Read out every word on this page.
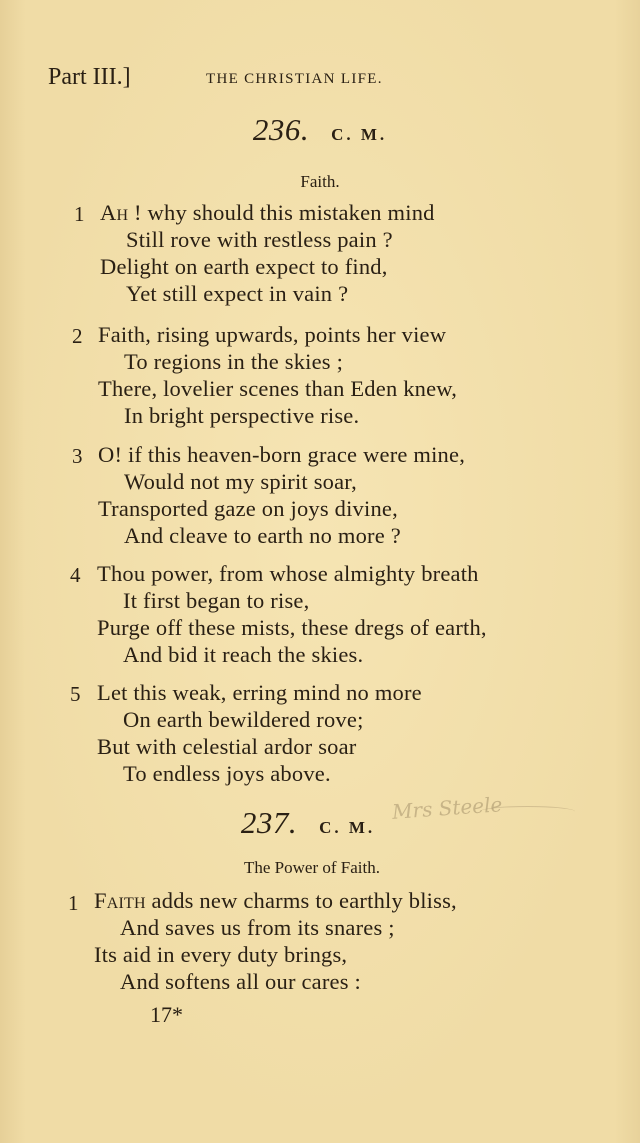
Part III.]	THE CHRISTIAN LIFE.
236. C. M.
Faith.
1 Ah ! why should this mistaken mind
Still rove with restless pain ?
Delight on earth expect to find,
Yet still expect in vain ?
2 Faith, rising upwards, points her view
To regions in the skies ;
There, lovelier scenes than Eden knew,
In bright perspective rise.
3 O! if this heaven-born grace were mine,
Would not my spirit soar,
Transported gaze on joys divine,
And cleave to earth no more ?
4 Thou power, from whose almighty breath
It first began to rise,
Purge off these mists, these dregs of earth,
And bid it reach the skies.
5 Let this weak, erring mind no more
On earth bewildered rove;
But with celestial ardor soar
To endless joys above.
237. C. M.
Mrs Steele
The Power of Faith.
1 Faith adds new charms to earthly bliss,
And saves us from its snares ;
Its aid in every duty brings,
And softens all our cares :
17*
